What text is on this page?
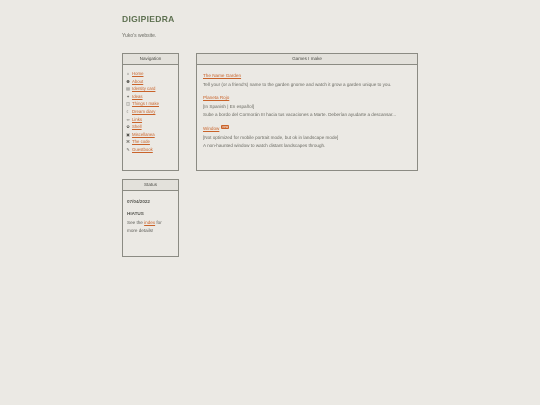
DIGIPIEDRA
Yuko's website.
Navigation
⌂ Home
⚉ About
▤ Identity card
✦ Ideas
◫ Things I make
☾ Dream diary
∞ Links
✿ Shell
▣ Miscellanea
⌘ The code
✎ Guestbook
Games I make
The Name Garden
Tell your (or a friend's) name to the garden gnome and watch it grow a garden unique to you.
Planeta Rojo
[In Spanish | En español]
Sube a bordo del Cormorán III hacia tus vacaciones a Marte. Deberían ayudarte a descansar...
Window new
[Not optimized for mobile portrait mode, but ok in landscape mode]
A non-haunted window to watch distant landscapes through.
Status
07/04/2022
HIATUS
See the index for more details!
